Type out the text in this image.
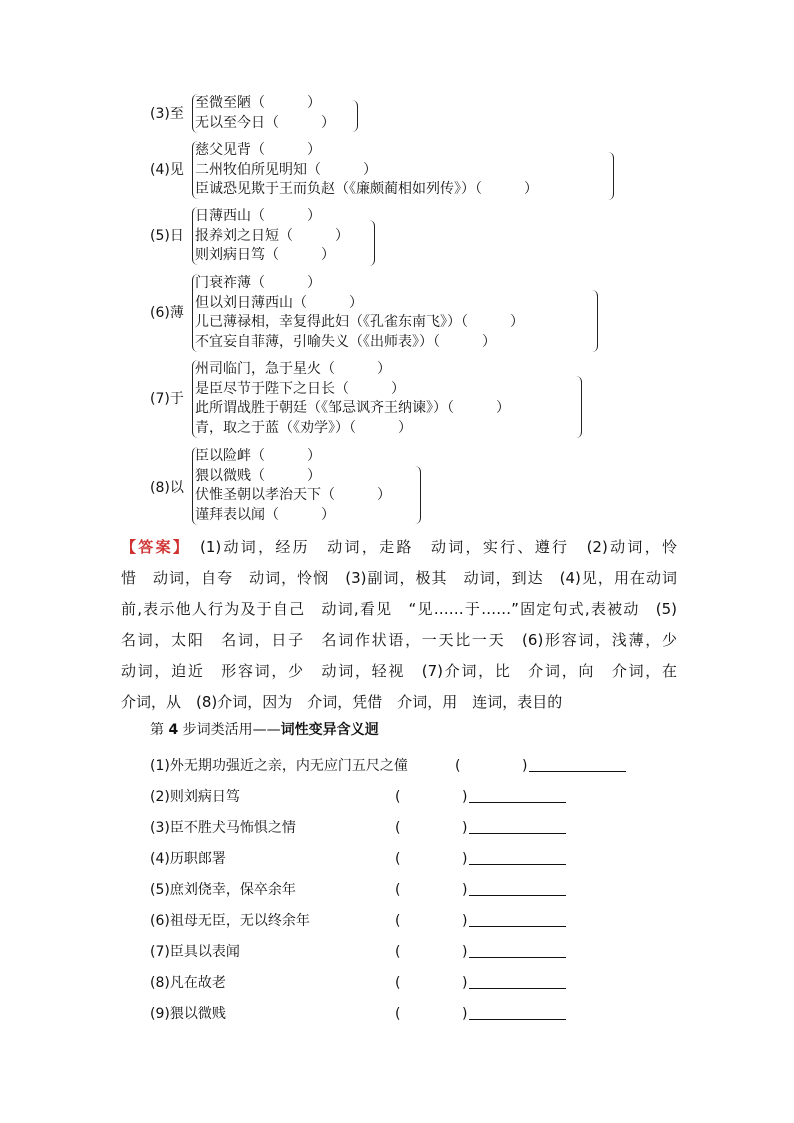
(3)至
至微至陋（　　　）
无以至今日（　　　）
(4)见
慈父见背（　　　）
二州牧伯所见明知（　　　）
臣诚恐见欺于王而负赵（《廉颇蔺相如列传》）（　　　）
(5)日
日薄西山（　　　）
报养刘之日短（　　　）
则刘病日笃（　　　）
(6)薄
门衰祚薄（　　　）
但以刘日薄西山（　　　）
儿已薄禄相，幸复得此妇（《孔雀东南飞》）（　　　）
不宜妄自菲薄，引喻失义（《出师表》）（　　　）
(7)于
州司临门，急于星火（　　　）
是臣尽节于陛下之日长（　　　）
此所谓战胜于朝廷（《邹忌讽齐王纳谏》）（　　　）
青，取之于蓝（《劝学》）（　　　）
(8)以
臣以险衅（　　　）
猥以微贱（　　　）
伏惟圣朝以孝治天下（　　　）
谨拜表以闻（　　　）

【答案】　 (1)动词，经历　动词，走路　动词，实行、遵行　(2)动词，怜

惜　动词，自夸　动词，怜悯　(3)副词，极其　动词，到达　(4)见，用在动词

前,表示他人行为及于自己　动词,看见　“见……于……”固定句式,表被动　(5)

名词，太阳　名词，日子　名词作状语，一天比一天　(6)形容词，浅薄，少

动词，迫近　形容词，少　动词，轻视　(7)介词，比　介词，向　介词，在

介词，从　(8)介词，因为　介词，凭借　介词，用　连词，表目的

第 4 步词类活用——词性变异含义迥
(1)外无期功强近之亲，内无应门五尺之僮	(	)
(2)则刘病日笃	(	)
(3)臣不胜犬马怖惧之情	(	)
(4)历职郎署	(	)
(5)庶刘侥幸，保卒余年	(	)
(6)祖母无臣，无以终余年	(	)
(7)臣具以表闻	(	)
(8)凡在故老	(	)
(9)猥以微贱	(	)
